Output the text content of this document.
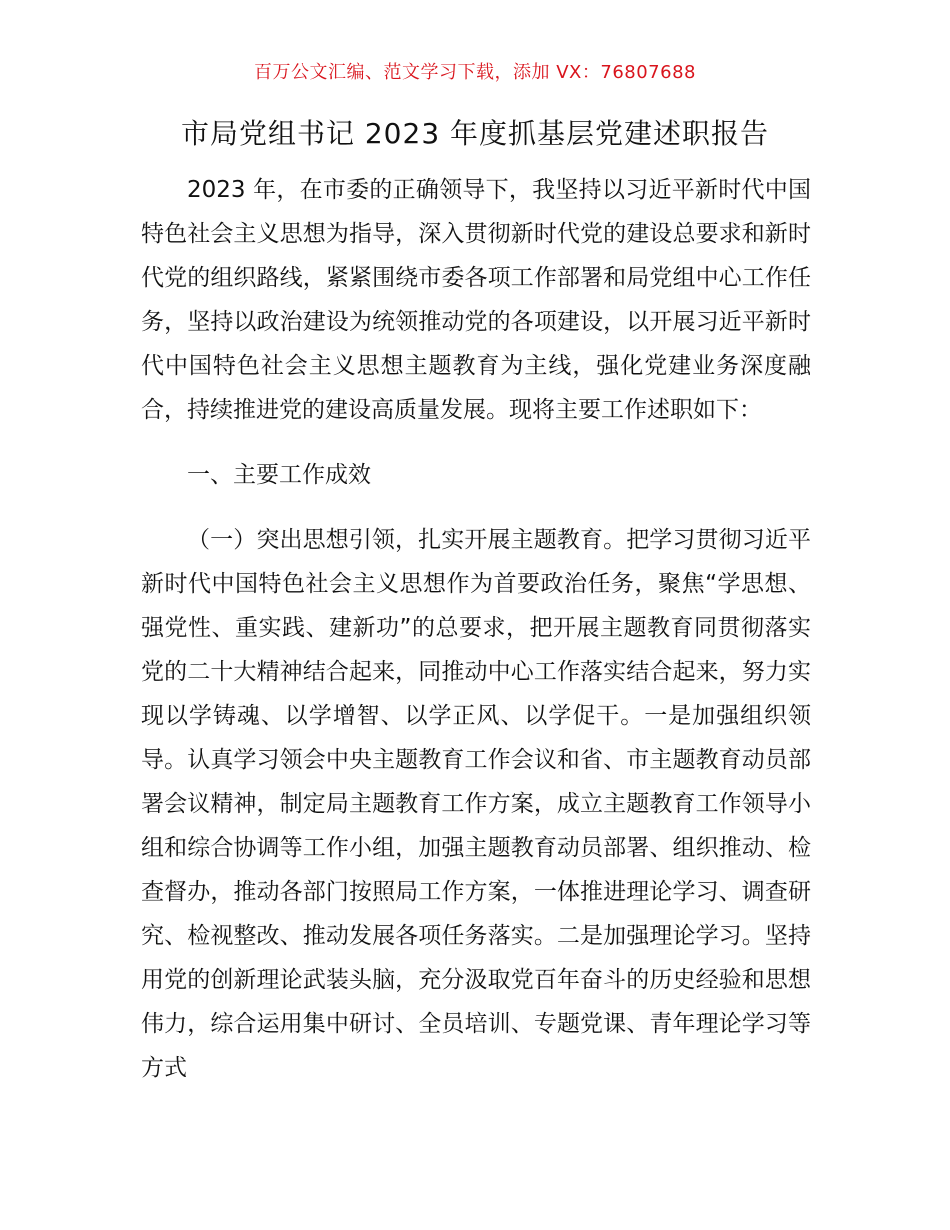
百万公文汇编、范文学习下载，添加 VX：76807688
市局党组书记 2023 年度抓基层党建述职报告

2023 年，在市委的正确领导下，我坚持以习近平新时代中国特色社会主义思想为指导，深入贯彻新时代党的建设总要求和新时代党的组织路线，紧紧围绕市委各项工作部署和局党组中心工作任务，坚持以政治建设为统领推动党的各项建设，以开展习近平新时代中国特色社会主义思想主题教育为主线，强化党建业务深度融合，持续推进党的建设高质量发展。现将主要工作述职如下：

一、主要工作成效

（一）突出思想引领，扎实开展主题教育。把学习贯彻习近平新时代中国特色社会主义思想作为首要政治任务，聚焦“学思想、强党性、重实践、建新功”的总要求，把开展主题教育同贯彻落实党的二十大精神结合起来，同推动中心工作落实结合起来，努力实现以学铸魂、以学增智、以学正风、以学促干。一是加强组织领导。认真学习领会中央主题教育工作会议和省、市主题教育动员部署会议精神，制定局主题教育工作方案，成立主题教育工作领导小组和综合协调等工作小组，加强主题教育动员部署、组织推动、检查督办，推动各部门按照局工作方案，一体推进理论学习、调查研究、检视整改、推动发展各项任务落实。二是加强理论学习。坚持用党的创新理论武装头脑，充分汲取党百年奋斗的历史经验和思想伟力，综合运用集中研讨、全员培训、专题党课、青年理论学习等方式
